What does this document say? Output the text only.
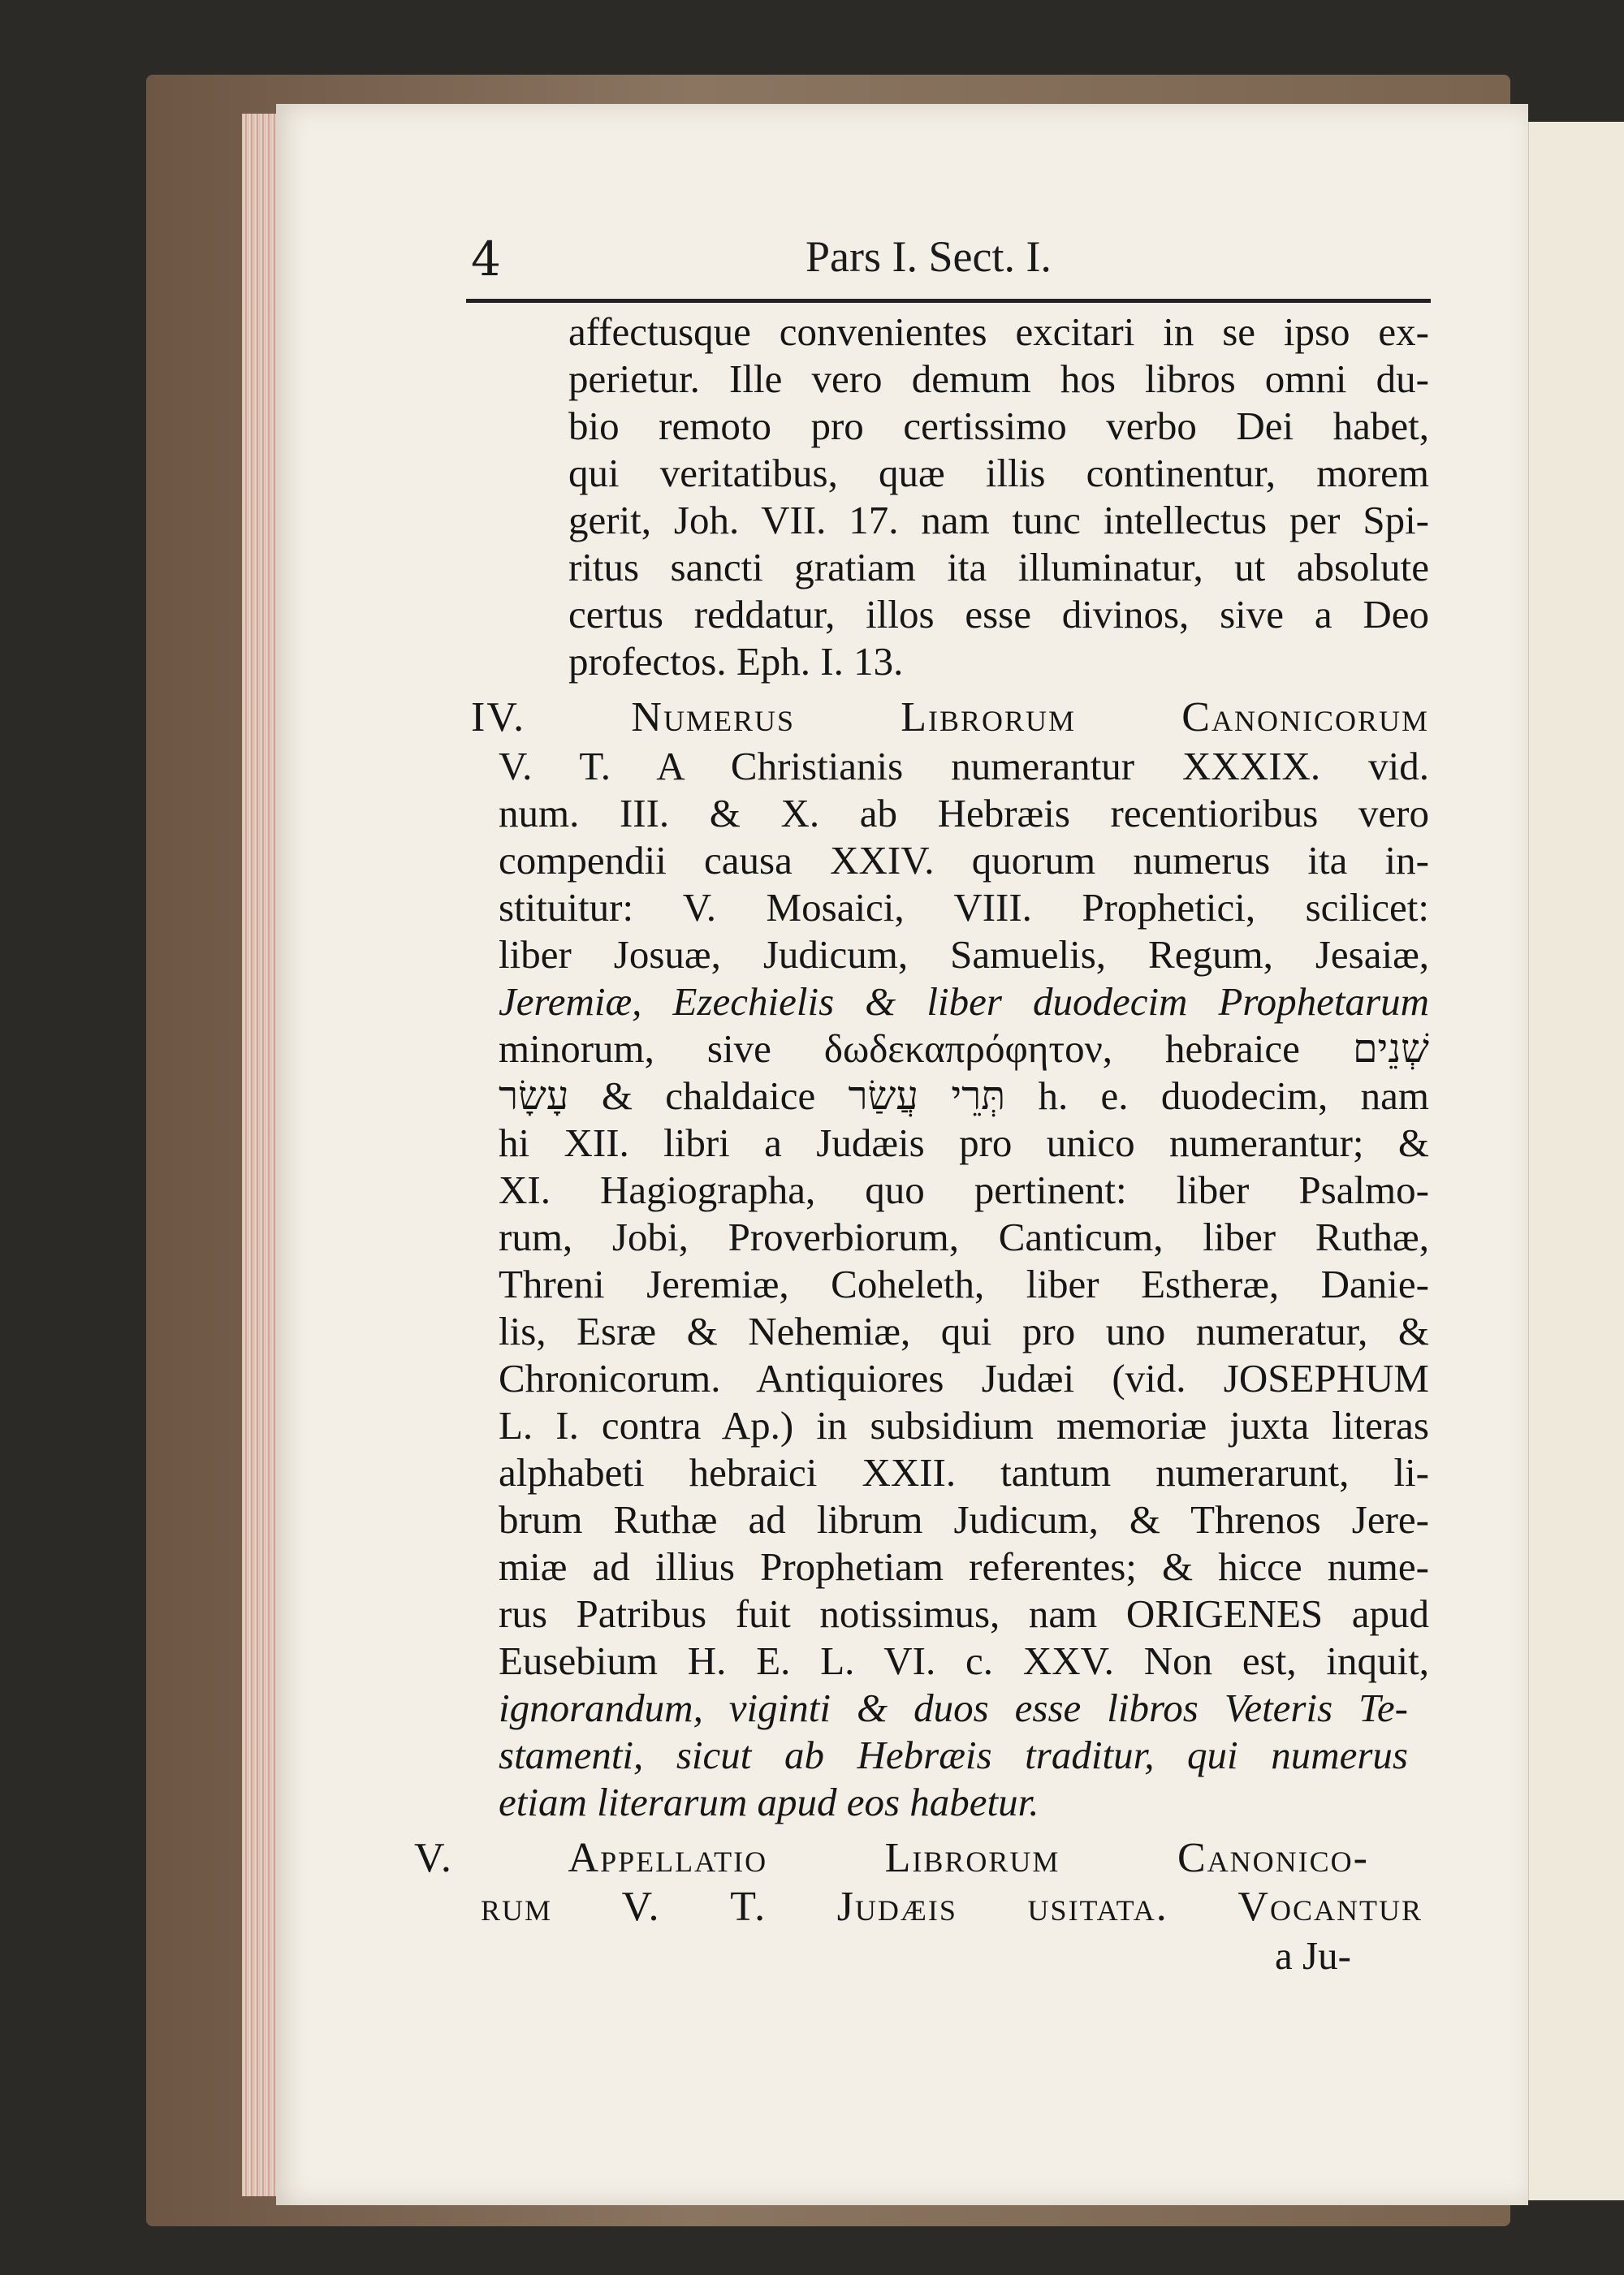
4	Pars I. Sect. I.
affectusque convenientes excitari in se ipso ex-
perietur. Ille vero demum hos libros omni du-
bio remoto pro certissimo verbo Dei habet,
qui veritatibus, quæ illis continentur, morem
gerit, Joh. VII. 17. nam tunc intellectus per Spi-
ritus sancti gratiam ita illuminatur, ut absolute
certus reddatur, illos esse divinos, sive a Deo
profectos. Eph. I. 13.
IV. Numerus Librorum Canonicorum
V. T. A Christianis numerantur XXXIX. vid.
num. III. & X. ab Hebræis recentioribus vero
compendii causa XXIV. quorum numerus ita in-
stituitur: V. Mosaici, VIII. Prophetici, scilicet:
liber Josuæ, Judicum, Samuelis, Regum, Jesaiæ,
Jeremiæ, Ezechielis & liber duodecim Prophetarum
minorum, sive δωδεκαπρόφητον, hebraice שְׁנֵים
עָשָׂר & chaldaice תְּרֵי עֲשַׂר h. e. duodecim, nam
hi XII. libri a Judæis pro unico numerantur; &
XI. Hagiographa, quo pertinent: liber Psalmo-
rum, Jobi, Proverbiorum, Canticum, liber Ruthæ,
Threni Jeremiæ, Coheleth, liber Estheræ, Danie-
lis, Esræ & Nehemiæ, qui pro uno numeratur, &
Chronicorum. Antiquiores Judæi (vid. JOSEPHUM
L. I. contra Ap.) in subsidium memoriæ juxta literas
alphabeti hebraici XXII. tantum numerarunt, li-
brum Ruthæ ad librum Judicum, & Threnos Jere-
miæ ad illius Prophetiam referentes; & hicce nume-
rus Patribus fuit notissimus, nam ORIGENES apud
Eusebium H. E. L. VI. c. XXV. Non est, inquit,
ignorandum, viginti & duos esse libros Veteris Te-
stamenti, sicut ab Hebræis traditur, qui numerus
etiam literarum apud eos habetur.
V. Appellatio Librorum Canonico-
rum V. T. Judæis usitata. Vocantur
a Ju-
